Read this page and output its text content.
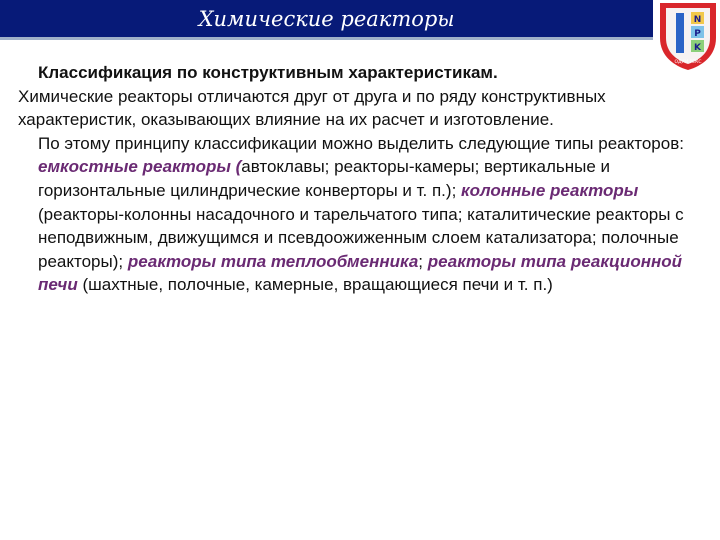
Химические реакторы	N
P
K
ОДУМ РЕКС

Классификация по конструктивным характеристикам.

Химические реакторы отличаются друг от друга и по ряду конструктивных характеристик, оказывающих влияние на их расчет и изготовление.

По этому принципу классификации можно выделить следующие типы реакторов: емкостные реакторы (автоклавы; реакторы-камеры; вертикальные и горизонтальные цилиндрические конверторы и т. п.); колонные реакторы (реакторы-колонны насадочного и тарельчатого типа; каталитические реакторы с неподвижным, движущимся и псевдоожиженным слоем катализатора; полочные реакторы); реакторы типа теплообменника; реакторы типа реакционной печи (шахтные, полочные, камерные, вращающиеся печи и т. п.)
